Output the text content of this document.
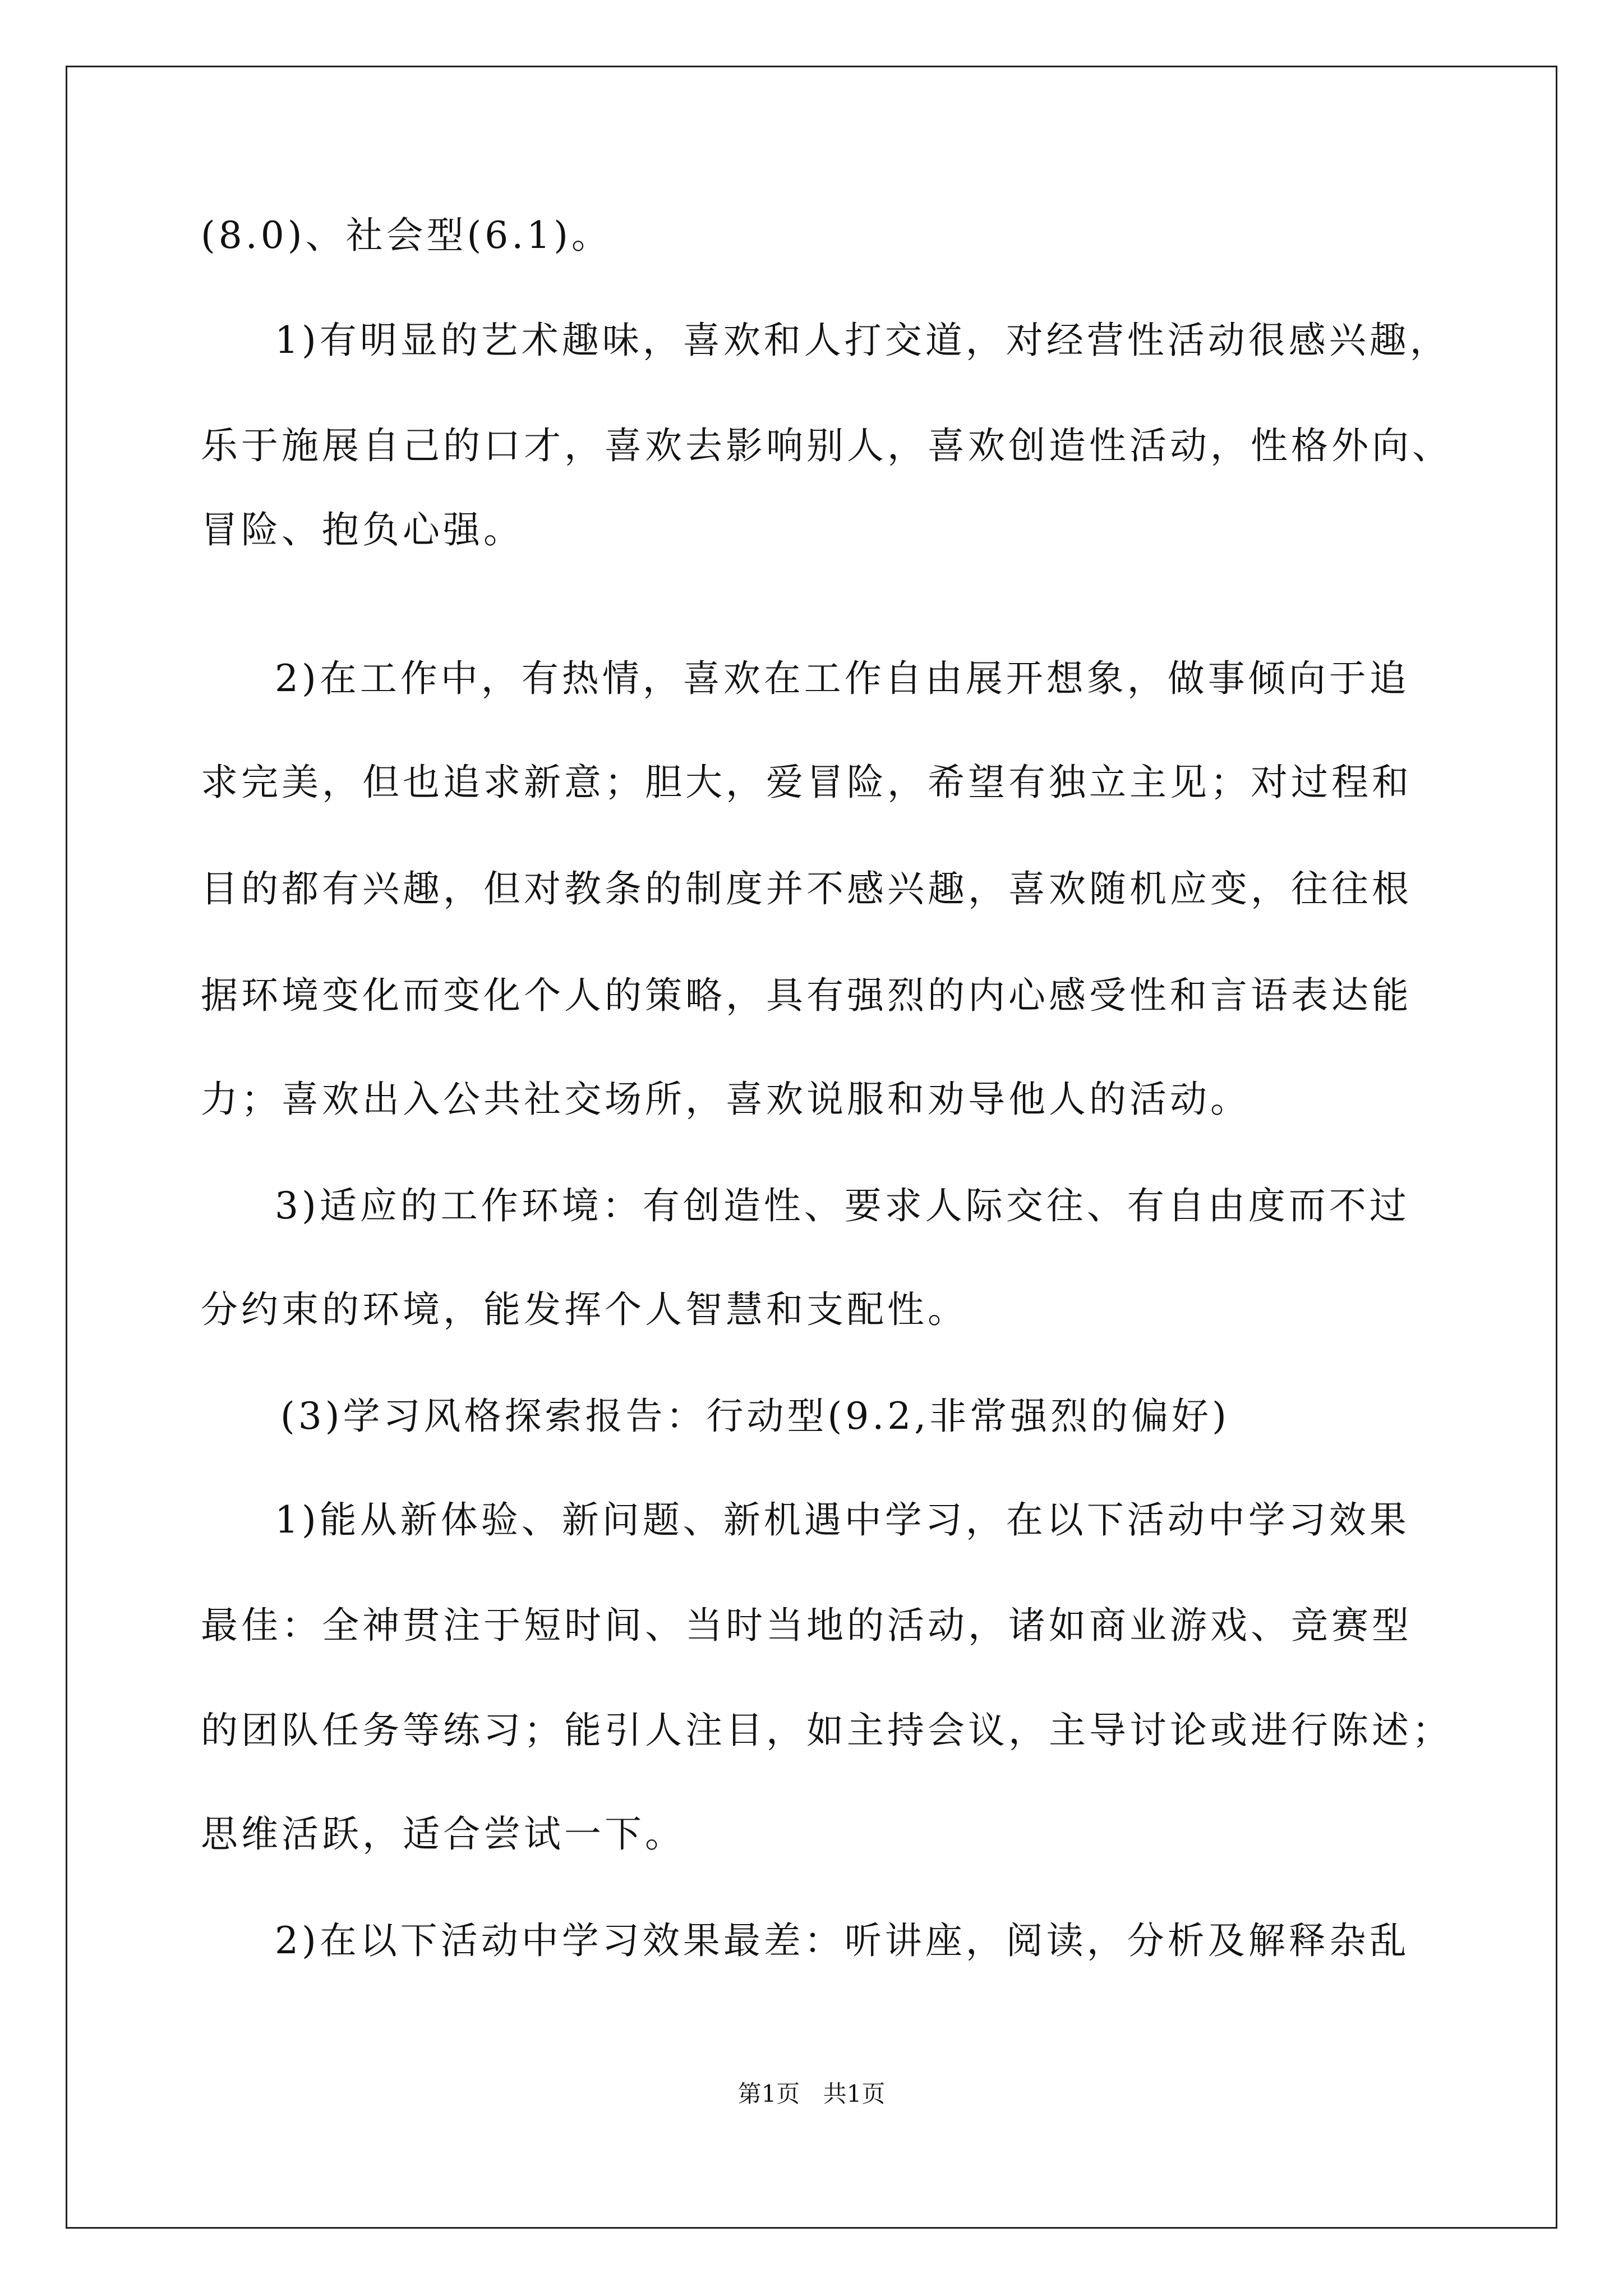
(8.0)、社会型(6.1)。
1)有明显的艺术趣味，喜欢和人打交道，对经营性活动很感兴趣，
乐于施展自己的口才，喜欢去影响别人，喜欢创造性活动，性格外向、
冒险、抱负心强。
2)在工作中，有热情，喜欢在工作自由展开想象，做事倾向于追
求完美，但也追求新意；胆大，爱冒险，希望有独立主见；对过程和
目的都有兴趣，但对教条的制度并不感兴趣，喜欢随机应变，往往根
据环境变化而变化个人的策略，具有强烈的内心感受性和言语表达能
力；喜欢出入公共社交场所，喜欢说服和劝导他人的活动。
3)适应的工作环境：有创造性、要求人际交往、有自由度而不过
分约束的环境，能发挥个人智慧和支配性。
(3)学习风格探索报告：行动型(9.2,非常强烈的偏好)
1)能从新体验、新问题、新机遇中学习，在以下活动中学习效果
最佳：全神贯注于短时间、当时当地的活动，诸如商业游戏、竞赛型
的团队任务等练习；能引人注目，如主持会议，主导讨论或进行陈述；
思维活跃，适合尝试一下。
2)在以下活动中学习效果最差：听讲座，阅读，分析及解释杂乱
第1页 共1页
